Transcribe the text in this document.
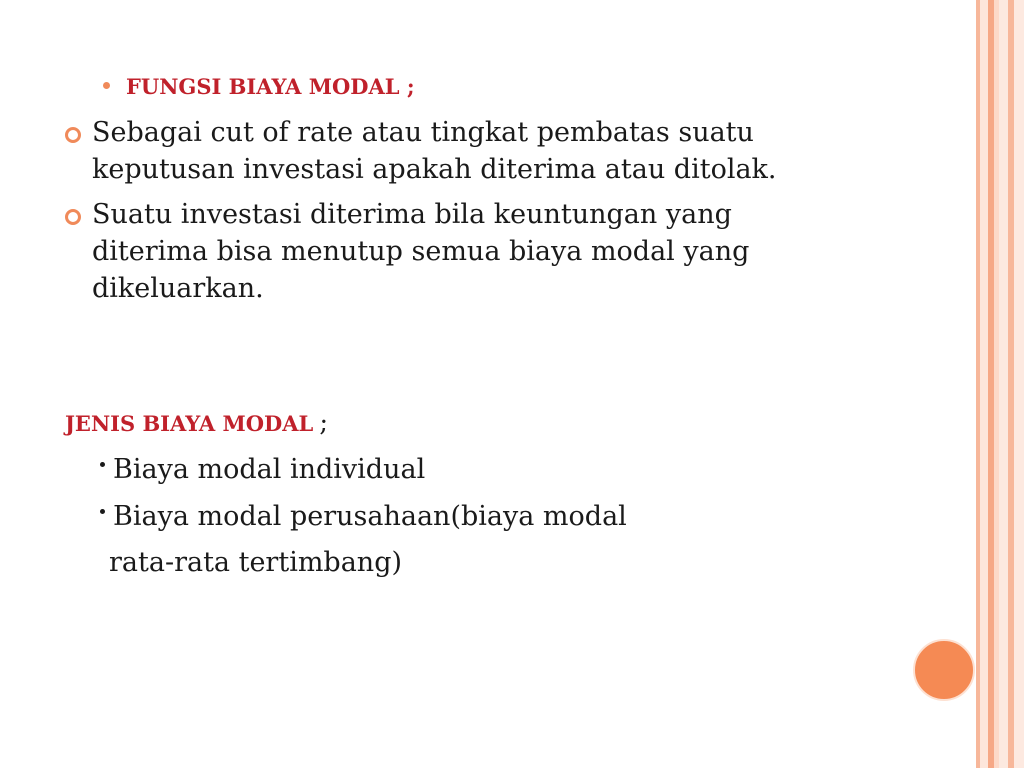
FUNGSI BIAYA MODAL ;
Sebagai cut of rate atau tingkat pembatas suatu
keputusan investasi apakah diterima atau ditolak.
Suatu investasi diterima bila keuntungan yang
diterima bisa menutup semua biaya modal yang
dikeluarkan.
JENIS BIAYA MODAL ;
Biaya modal individual
Biaya modal perusahaan(biaya modal
rata-rata tertimbang)
